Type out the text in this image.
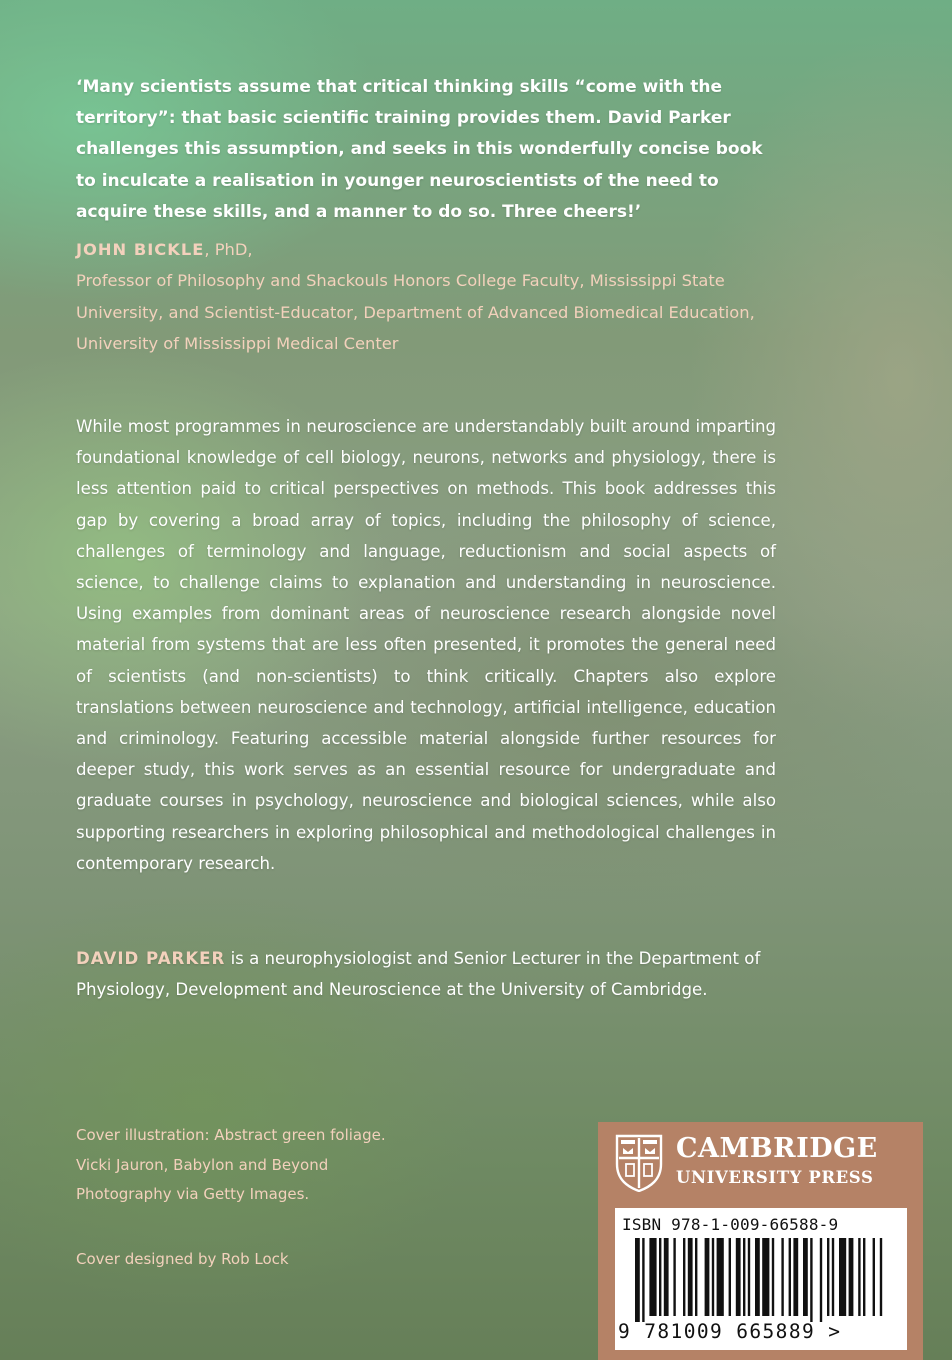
‘Many scientists assume that critical thinking skills “come with the territory”: that basic scientific training provides them. David Parker challenges this assumption, and seeks in this wonderfully concise book to inculcate a realisation in younger neuroscientists of the need to acquire these skills, and a manner to do so. Three cheers!’

JOHN BICKLE, PhD,
Professor of Philosophy and Shackouls Honors College Faculty, Mississippi State University, and Scientist-Educator, Department of Advanced Biomedical Education, University of Mississippi Medical Center

While most programmes in neuroscience are understandably built around imparting foundational knowledge of cell biology, neurons, networks and physiology, there is less attention paid to critical perspectives on methods. This book addresses this gap by covering a broad array of topics, including the philosophy of science, challenges of terminology and language, reductionism and social aspects of science, to challenge claims to explanation and understanding in neuroscience. Using examples from dominant areas of neuroscience research alongside novel material from systems that are less often presented, it promotes the general need of scientists (and non-scientists) to think critically. Chapters also explore translations between neuroscience and technology, artificial intelligence, education and criminology. Featuring accessible material alongside further resources for deeper study, this work serves as an essential resource for undergraduate and graduate courses in psychology, neuroscience and biological sciences, while also supporting researchers in exploring philosophical and methodological challenges in contemporary research.

DAVID PARKER is a neurophysiologist and Senior Lecturer in the Department of Physiology, Development and Neuroscience at the University of Cambridge.

Cover illustration: Abstract green foliage.
Vicki Jauron, Babylon and Beyond
Photography via Getty Images.
Cover designed by Rob Lock
CAMBRIDGE
UNIVERSITY PRESS
ISBN 978-1-009-66588-9
9 781009 665889 >
